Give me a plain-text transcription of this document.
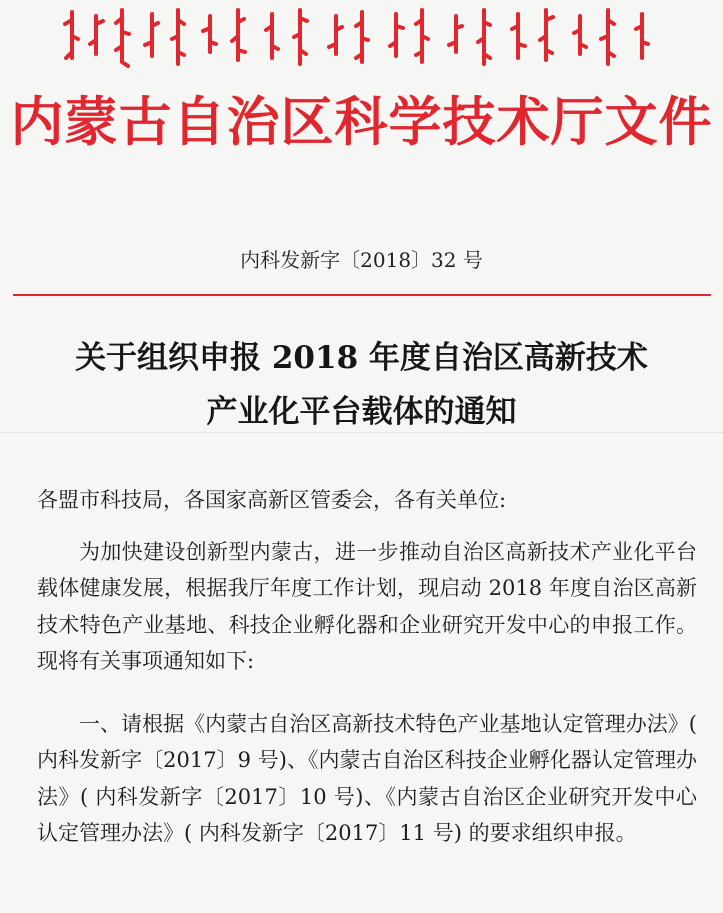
内蒙古自治区科学技术厅文件
内科发新字〔2018〕32 号
关于组织申报 2018 年度自治区高新技术
产业化平台载体的通知
各盟市科技局，各国家高新区管委会，各有关单位:
为加快建设创新型内蒙古，进一步推动自治区高新技术产业化平台载体健康发展，根据我厅年度工作计划，现启动 2018 年度自治区高新技术特色产业基地、科技企业孵化器和企业研究开发中心的申报工作。现将有关事项通知如下:
一、请根据《内蒙古自治区高新技术特色产业基地认定管理办法》( 内科发新字〔2017〕9 号)、《内蒙古自治区科技企业孵化器认定管理办法》( 内科发新字〔2017〕10 号)、《内蒙古自治区企业研究开发中心认定管理办法》( 内科发新字〔2017〕11 号) 的要求组织申报。
